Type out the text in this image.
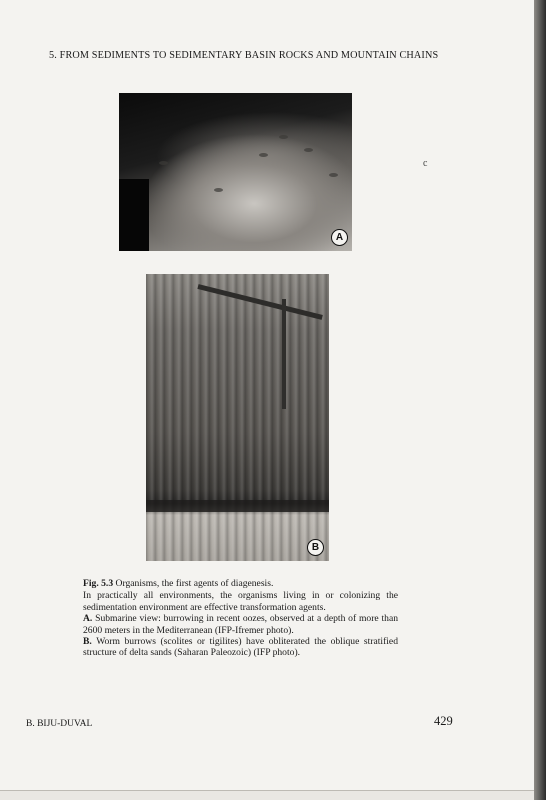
5. FROM SEDIMENTS TO SEDIMENTARY BASIN ROCKS AND MOUNTAIN CHAINS
A
c
B

Fig. 5.3 Organisms, the first agents of diagenesis.

In practically all environments, the organisms living in or colonizing the sedimentation environment are effective transformation agents.

A. Submarine view: burrowing in recent oozes, observed at a depth of more than 2600 meters in the Mediterranean (IFP-Ifremer photo).

B. Worm burrows (scolites or tigilites) have obliterated the oblique stratified structure of delta sands (Saharan Paleozoic) (IFP photo).

B. BIJU-DUVAL	429
